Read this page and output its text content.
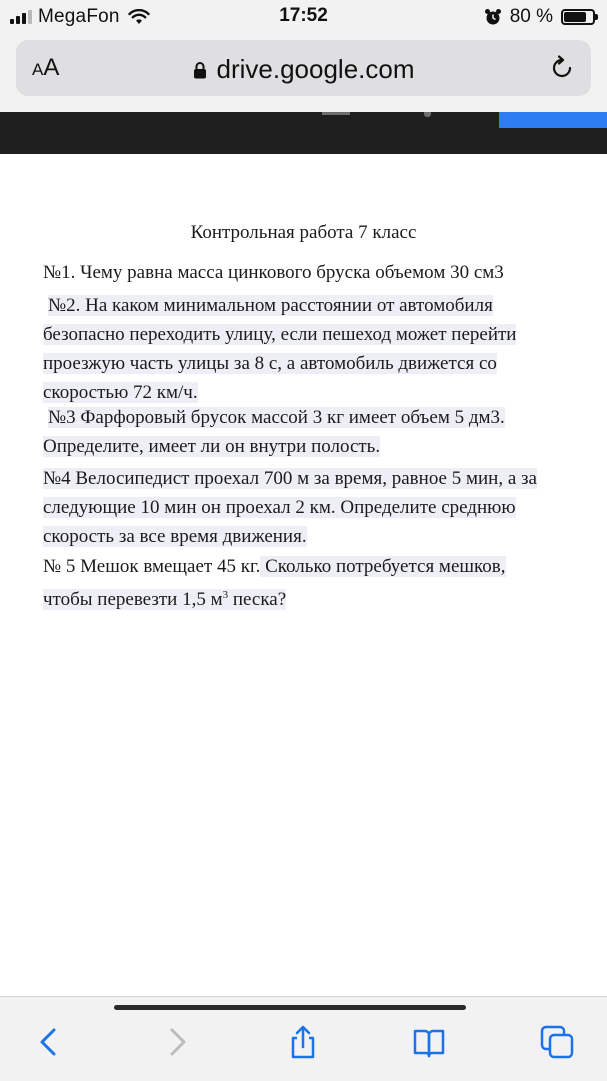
MegaFon	17:52	80 %
AA	drive.google.com
Контрольная работа 7 класс
№1. Чему равна масса цинкового бруска объемом 30 см3
№2. На каком минимальном расстоянии от автомобиля
безопасно переходить улицу, если пешеход может перейти
проезжую часть улицы за 8 с, а автомобиль движется со
скоростью 72 км/ч.
№3 Фарфоровый брусок массой 3 кг имеет объем 5 дм3.
Определите, имеет ли он внутри полость.
№4 Велосипедист проехал 700 м за время, равное 5 мин, а за
следующие 10 мин он проехал 2 км. Определите среднюю
скорость за все время движения.
№ 5 Мешок вмещает 45 кг. Сколько потребуется мешков,
чтобы перевезти 1,5 $м^3$ песка?
